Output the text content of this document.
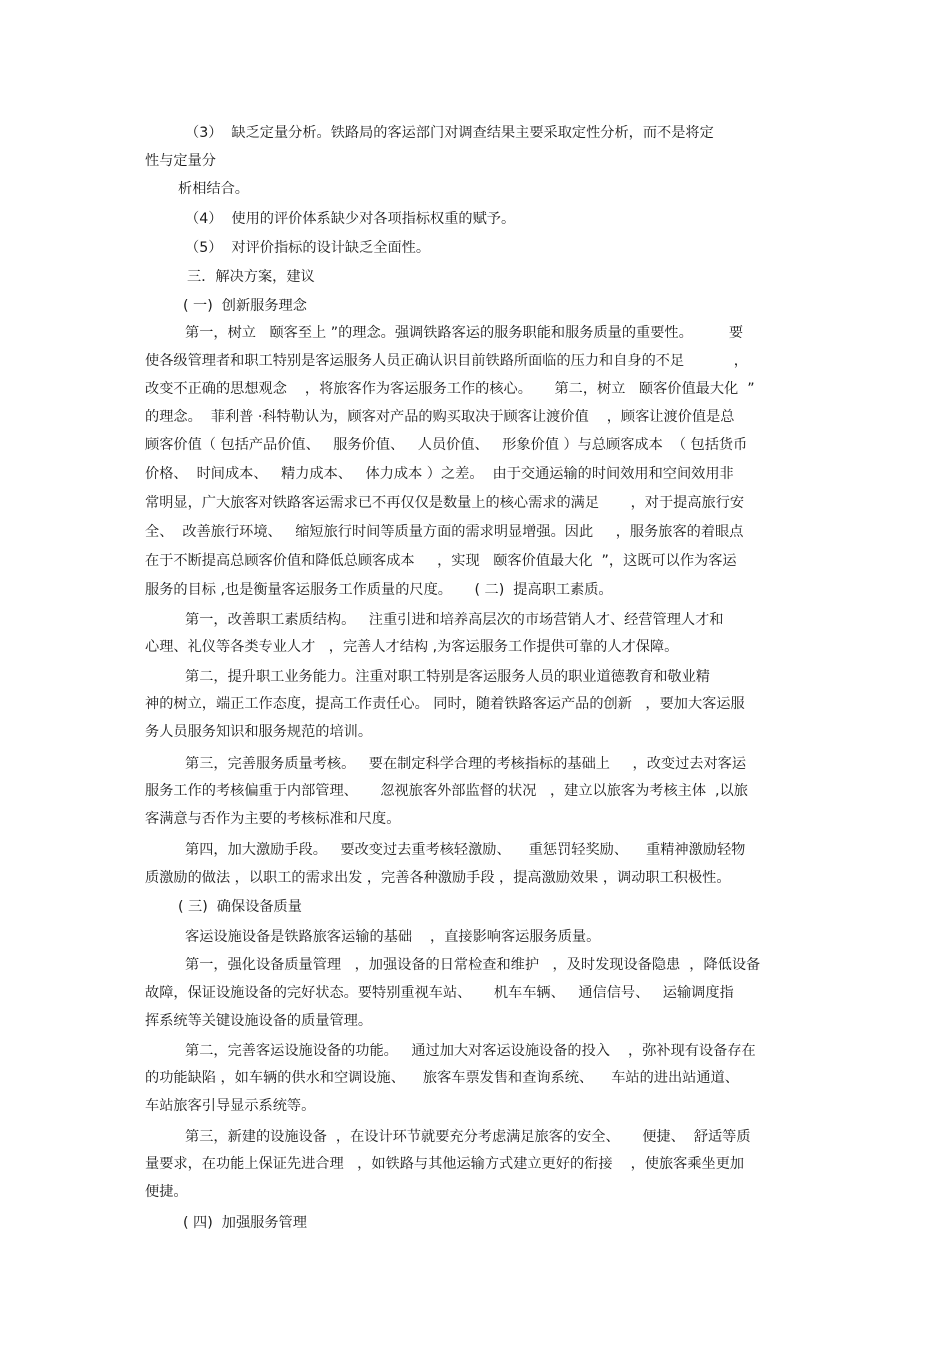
（3）  缺乏定量分析。铁路局的客运部门对调查结果主要采取定性分析，而不是将定
性与定量分
析相结合。
（4）  使用的评价体系缺少对各项指标权重的赋予。
（5）  对评价指标的设计缺乏全面性。
三．解决方案，建议
( 一)  创新服务理念
第一，树立   颐客至上 ”的理念。强调铁路客运的服务职能和服务质量的重要性。        要
使各级管理者和职工特别是客运服务人员正确认识目前铁路所面临的压力和自身的不足           ，
改变不正确的思想观念    ，将旅客作为客运服务工作的核心。     第二，树立   颐客价值最大化  ”
的理念。  菲利普 ·科特勒认为，顾客对产品的购买取决于顾客让渡价值    ，顾客让渡价值是总
顾客价值（ 包括产品价值、   服务价值、   人员价值、   形象价值 ）与总顾客成本  （ 包括货币
价格、  时间成本、   精力成本、   体力成本 ）之差。  由于交通运输的时间效用和空间效用非
常明显，广大旅客对铁路客运需求已不再仅仅是数量上的核心需求的满足       ，对于提高旅行安
全、  改善旅行环境、   缩短旅行时间等质量方面的需求明显增强。因此     ，服务旅客的着眼点
在于不断提高总顾客价值和降低总顾客成本     ，实现   颐客价值最大化  ”，这既可以作为客运
服务的目标 ,也是衡量客运服务工作质量的尺度。     ( 二)  提高职工素质。
第一，改善职工素质结构。   注重引进和培养高层次的市场营销人才、经营管理人才和
心理、礼仪等各类专业人才   ，完善人才结构 ,为客运服务工作提供可靠的人才保障。
第二，提升职工业务能力。注重对职工特别是客运服务人员的职业道德教育和敬业精
神的树立，端正工作态度，提高工作责任心。 同时，随着铁路客运产品的创新   ，要加大客运服
务人员服务知识和服务规范的培训。
第三，完善服务质量考核。   要在制定科学合理的考核指标的基础上     ，改变过去对客运
服务工作的考核偏重于内部管理、     忽视旅客外部监督的状况   ，建立以旅客为考核主体  ,以旅
客满意与否作为主要的考核标准和尺度。
第四，加大激励手段。   要改变过去重考核轻激励、    重惩罚轻奖励、    重精神激励轻物
质激励的做法 ，以职工的需求出发 ，完善各种激励手段 ，提高激励效果 ，调动职工积极性。
( 三)  确保设备质量
客运设施设备是铁路旅客运输的基础    ，直接影响客运服务质量。
第一，强化设备质量管理   ，加强设备的日常检查和维护   ，及时发现设备隐患  ，降低设备
故障，保证设施设备的完好状态。要特别重视车站、     机车车辆、   通信信号、   运输调度指
挥系统等关键设施设备的质量管理。
第二，完善客运设施设备的功能。   通过加大对客运设施设备的投入    ，弥补现有设备存在
的功能缺陷 ，如车辆的供水和空调设施、    旅客车票发售和查询系统、    车站的进出站通道、
车站旅客引导显示系统等。
第三，新建的设施设备  ，在设计环节就要充分考虑满足旅客的安全、     便捷、  舒适等质
量要求，在功能上保证先进合理   ，如铁路与其他运输方式建立更好的衔接    ，使旅客乘坐更加
便捷。
( 四)  加强服务管理
